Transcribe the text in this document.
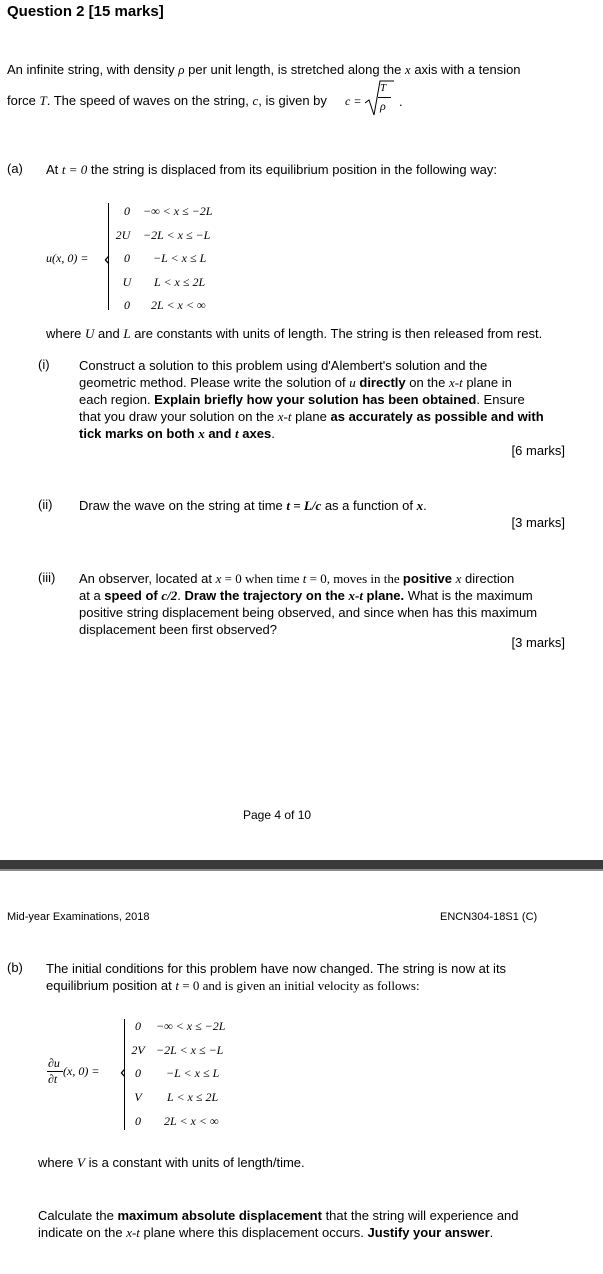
Question 2 [15 marks]
An infinite string, with density ρ per unit length, is stretched along the x axis with a tension
force T. The speed of waves on the string, c, is given by c =
T
ρ .
(a) At t = 0 the string is displaced from its equilibrium position in the following way:
u(x, 0) = ‹
0	−∞ < x ≤ −2L
2U	−2L < x ≤ −L
0	−L < x ≤ L
U	L < x ≤ 2L
0	2L < x < ∞
where U and L are constants with units of length. The string is then released from rest.
(i) Construct a solution to this problem using d'Alembert's solution and the
geometric method. Please write the solution of u directly on the x-t plane in
each region. Explain briefly how your solution has been obtained. Ensure
that you draw your solution on the x-t plane as accurately as possible and with
tick marks on both x and t axes.
[6 marks]
(ii) Draw the wave on the string at time t = L/c as a function of x.
[3 marks]
(iii) An observer, located at x = 0 when time t = 0, moves in the positive x direction
at a speed of c/2. Draw the trajectory on the x-t plane. What is the maximum
positive string displacement being observed, and since when has this maximum
displacement been first observed?
[3 marks]
Page 4 of 10
Mid-year Examinations, 2018	ENCN304-18S1 (C)
(b) The initial conditions for this problem have now changed. The string is now at its
equilibrium position at t = 0 and is given an initial velocity as follows:
∂u
∂t
(x, 0) = ‹
0	−∞ < x ≤ −2L
2V −2L < x ≤ −L
0	−L < x ≤ L
V	L < x ≤ 2L
0	2L < x < ∞
where V is a constant with units of length/time.
Calculate the maximum absolute displacement that the string will experience and
indicate on the x-t plane where this displacement occurs. Justify your answer.
